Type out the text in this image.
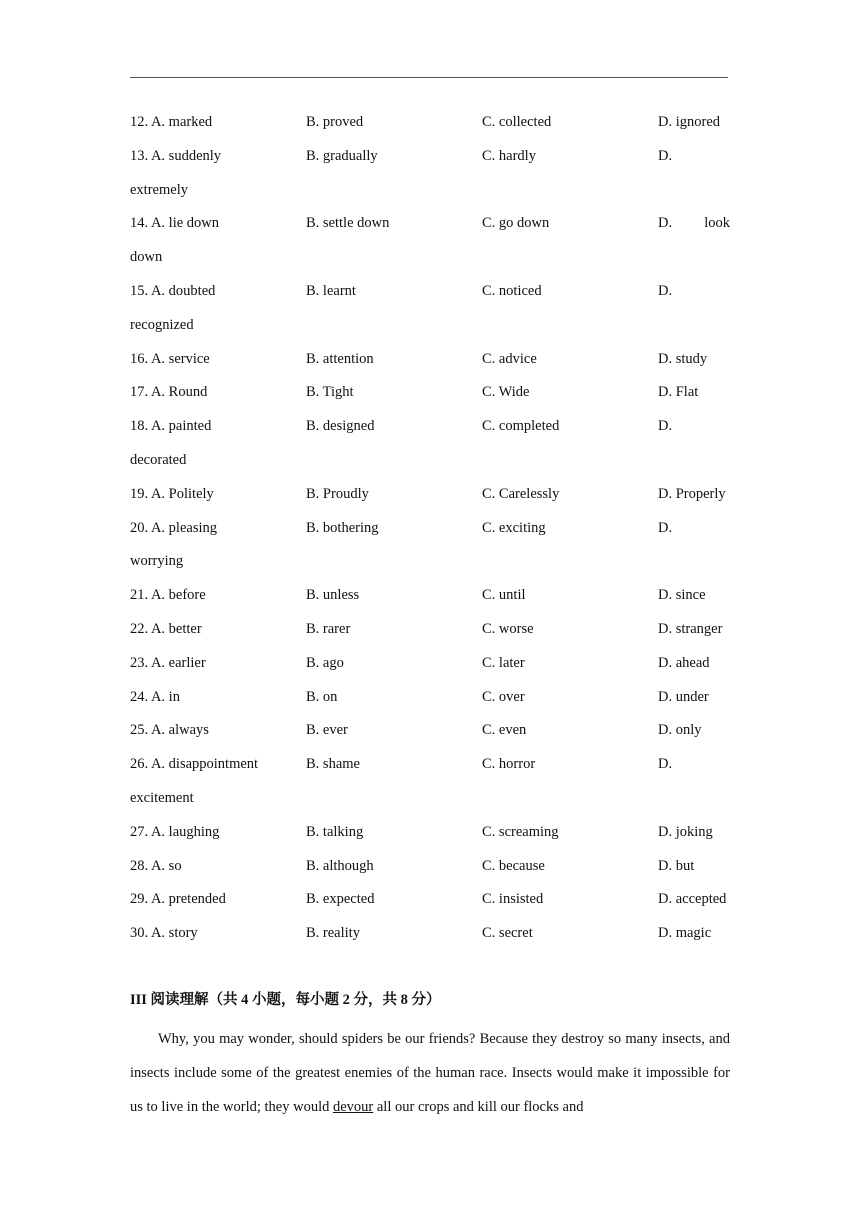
12. A. marked	B. proved	C. collected	D. ignored
13. A. suddenly	B. gradually	C. hardly	D.
extremely
14. A. lie down	B. settle down	C. go down	D. look
down
15. A. doubted	B. learnt	C. noticed	D.
recognized
16. A. service	B. attention	C. advice	D. study
17. A. Round	B. Tight	C. Wide	D. Flat
18. A. painted	B. designed	C. completed	D.
decorated
19. A. Politely	B. Proudly	C. Carelessly	D. Properly
20. A. pleasing	B. bothering	C. exciting	D.
worrying
21. A. before	B. unless	C. until	D. since
22. A. better	B. rarer	C. worse	D. stranger
23. A. earlier	B. ago	C. later	D. ahead
24. A. in	B. on	C. over	D. under
25. A. always	B. ever	C. even	D. only
26. A. disappointment	B. shame	C. horror	D.
excitement
27. A. laughing	B. talking	C. screaming	D. joking
28. A. so	B. although	C. because	D. but
29. A. pretended	B. expected	C. insisted	D. accepted
30. A. story	B. reality	C. secret	D. magic
III 阅读理解（共 4 小题，每小题 2 分，共 8 分）

Why, you may wonder, should spiders be our friends? Because they destroy so many insects, and insects include some of the greatest enemies of the human race. Insects would make it impossible for us to live in the world; they would devour all our crops and kill our flocks and
